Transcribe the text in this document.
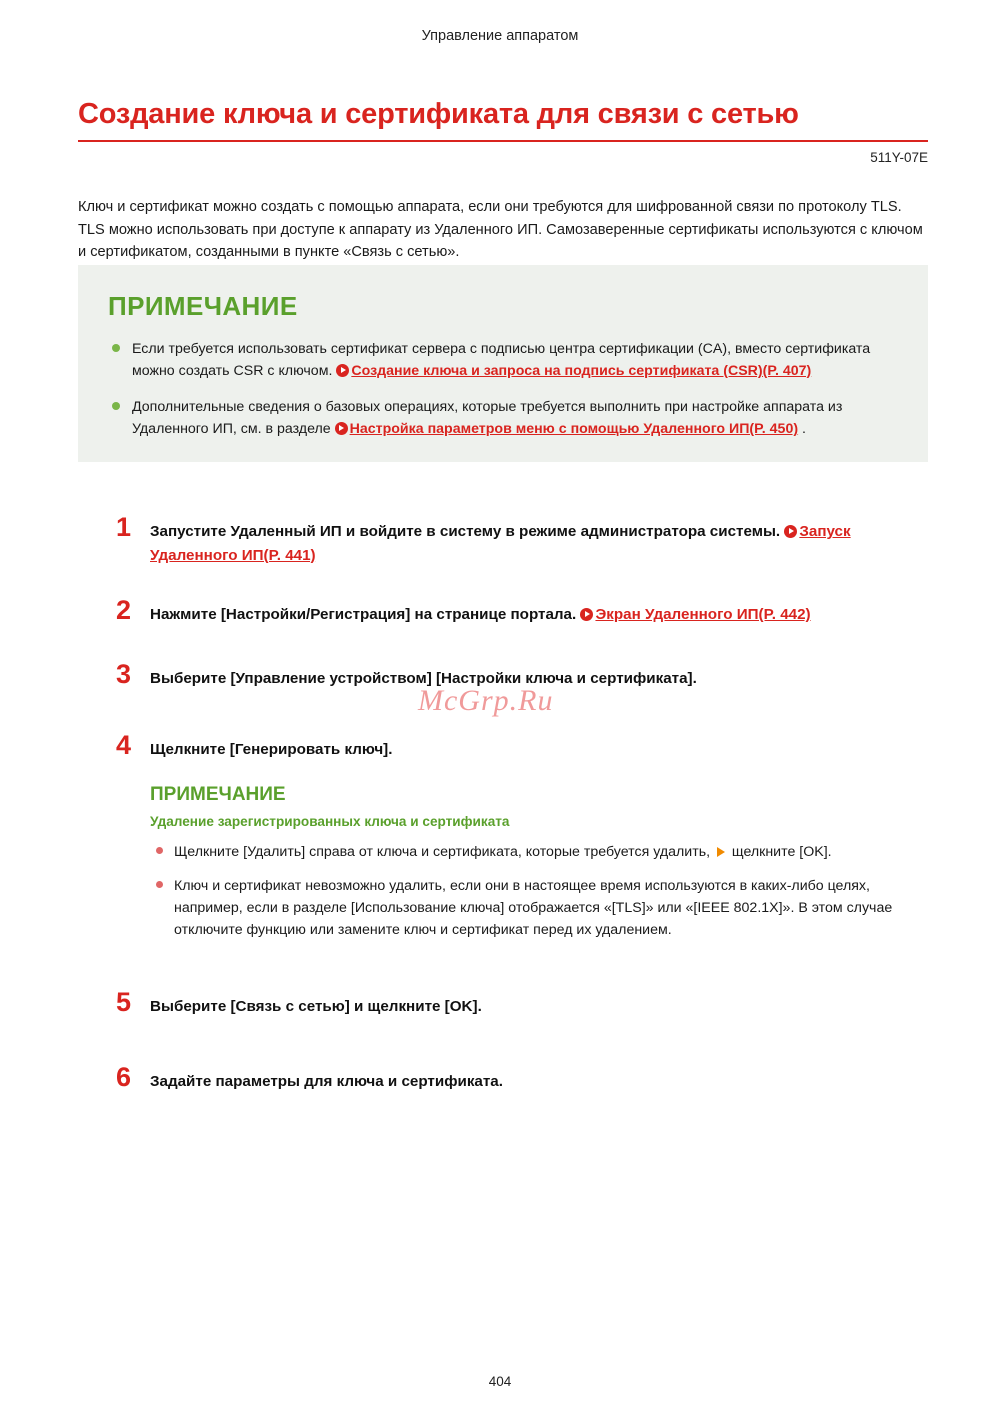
Управление аппаратом
Создание ключа и сертификата для связи с сетью
511Y-07E
Ключ и сертификат можно создать с помощью аппарата, если они требуются для шифрованной связи по протоколу TLS. TLS можно использовать при доступе к аппарату из Удаленного ИП. Самозаверенные сертификаты используются с ключом и сертификатом, созданными в пункте «Связь с сетью».
ПРИМЕЧАНИЕ
Если требуется использовать сертификат сервера с подписью центра сертификации (CA), вместо сертификата можно создать CSR с ключом. Создание ключа и запроса на подпись сертификата (CSR)(P. 407)
Дополнительные сведения о базовых операциях, которые требуется выполнить при настройке аппарата из Удаленного ИП, см. в разделе Настройка параметров меню с помощью Удаленного ИП(P. 450) .
1 Запустите Удаленный ИП и войдите в систему в режиме администратора системы. Запуск Удаленного ИП(P. 441)
2 Нажмите [Настройки/Регистрация] на странице портала. Экран Удаленного ИП(P. 442)
3 Выберите [Управление устройством] [Настройки ключа и сертификата].
4 Щелкните [Генерировать ключ].
ПРИМЕЧАНИЕ
Удаление зарегистрированных ключа и сертификата
Щелкните [Удалить] справа от ключа и сертификата, которые требуется удалить,  щелкните [OK].
Ключ и сертификат невозможно удалить, если они в настоящее время используются в каких-либо целях, например, если в разделе [Использование ключа] отображается «[TLS]» или «[IEEE 802.1X]». В этом случае отключите функцию или замените ключ и сертификат перед их удалением.
5 Выберите [Связь с сетью] и щелкните [OK].
6 Задайте параметры для ключа и сертификата.
McGrp.Ru
404
